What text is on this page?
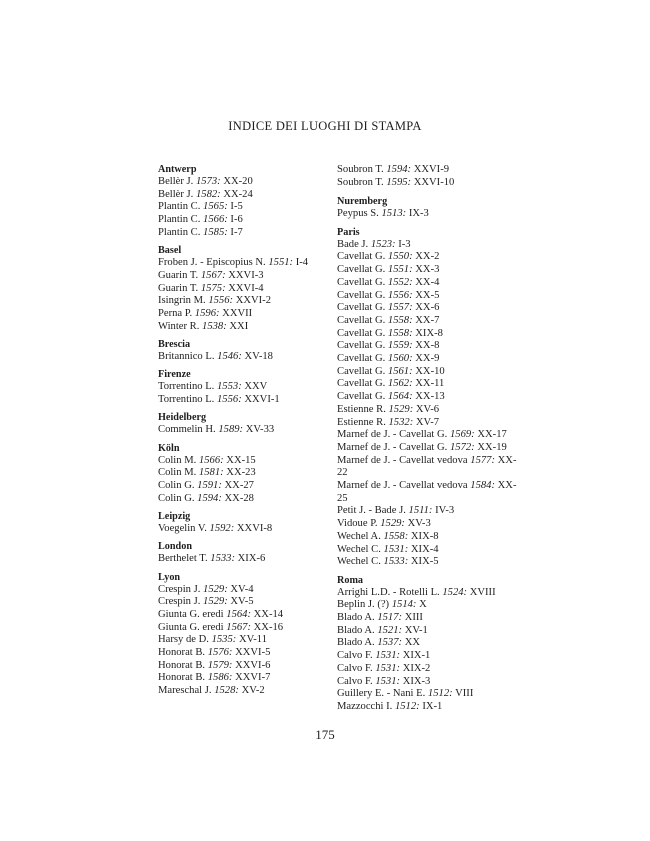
INDICE DEI LUOGHI DI STAMPA
Antwerp
Bellèr J. 1573: XX-20
Bellèr J. 1582: XX-24
Plantin C. 1565: I-5
Plantin C. 1566: I-6
Plantin C. 1585: I-7
Basel
Froben J. - Episcopius N. 1551: I-4
Guarin T. 1567: XXVI-3
Guarin T. 1575: XXVI-4
Isingrin M. 1556: XXVI-2
Perna P. 1596: XXVII
Winter R. 1538: XXI
Brescia
Britannico L. 1546: XV-18
Firenze
Torrentino L. 1553: XXV
Torrentino L. 1556: XXVI-1
Heidelberg
Commelin H. 1589: XV-33
Köln
Colin M. 1566: XX-15
Colin M. 1581: XX-23
Colin G. 1591: XX-27
Colin G. 1594: XX-28
Leipzig
Voegelin V. 1592: XXVI-8
London
Berthelet T. 1533: XIX-6
Lyon
Crespin J. 1529: XV-4
Crespin J. 1529: XV-5
Giunta G. eredi 1564: XX-14
Giunta G. eredi 1567: XX-16
Harsy de D. 1535: XV-11
Honorat B. 1576: XXVI-5
Honorat B. 1579: XXVI-6
Honorat B. 1586: XXVI-7
Mareschal J. 1528: XV-2
Soubron T. 1594: XXVI-9
Soubron T. 1595: XXVI-10
Nuremberg
Peypus S. 1513: IX-3
Paris
Bade J. 1523: I-3
Cavellat G. 1550: XX-2
Cavellat G. 1551: XX-3
Cavellat G. 1552: XX-4
Cavellat G. 1556: XX-5
Cavellat G. 1557: XX-6
Cavellat G. 1558: XX-7
Cavellat G. 1558: XIX-8
Cavellat G. 1559: XX-8
Cavellat G. 1560: XX-9
Cavellat G. 1561: XX-10
Cavellat G. 1562: XX-11
Cavellat G. 1564: XX-13
Estienne R. 1529: XV-6
Estienne R. 1532: XV-7
Marnef de J. - Cavellat G. 1569: XX-17
Marnef de J. - Cavellat G. 1572: XX-19
Marnef de J. - Cavellat vedova 1577: XX-22
Marnef de J. - Cavellat vedova 1584: XX-25
Petit J. - Bade J. 1511: IV-3
Vidoue P. 1529: XV-3
Wechel A. 1558: XIX-8
Wechel C. 1531: XIX-4
Wechel C. 1533: XIX-5
Roma
Arrighi L.D. - Rotelli L. 1524: XVIII
Beplin J. (?) 1514: X
Blado A. 1517: XIII
Blado A. 1521: XV-1
Blado A. 1537: XX
Calvo F. 1531: XIX-1
Calvo F. 1531: XIX-2
Calvo F. 1531: XIX-3
Guillery E. - Nani E. 1512: VIII
Mazzocchi I. 1512: IX-1
175
